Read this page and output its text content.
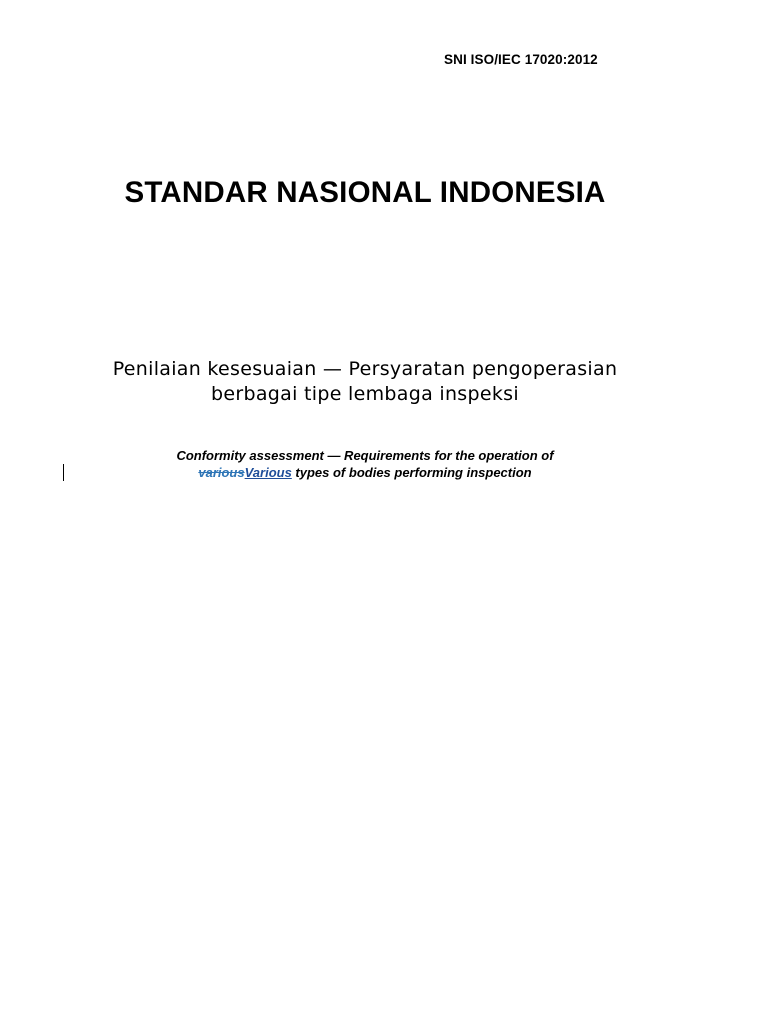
SNI ISO/IEC 17020:2012
STANDAR NASIONAL INDONESIA
Penilaian kesesuaian — Persyaratan pengoperasian
berbagai tipe lembaga inspeksi
Conformity assessment — Requirements for the operation of
variousVarious types of bodies performing inspection
